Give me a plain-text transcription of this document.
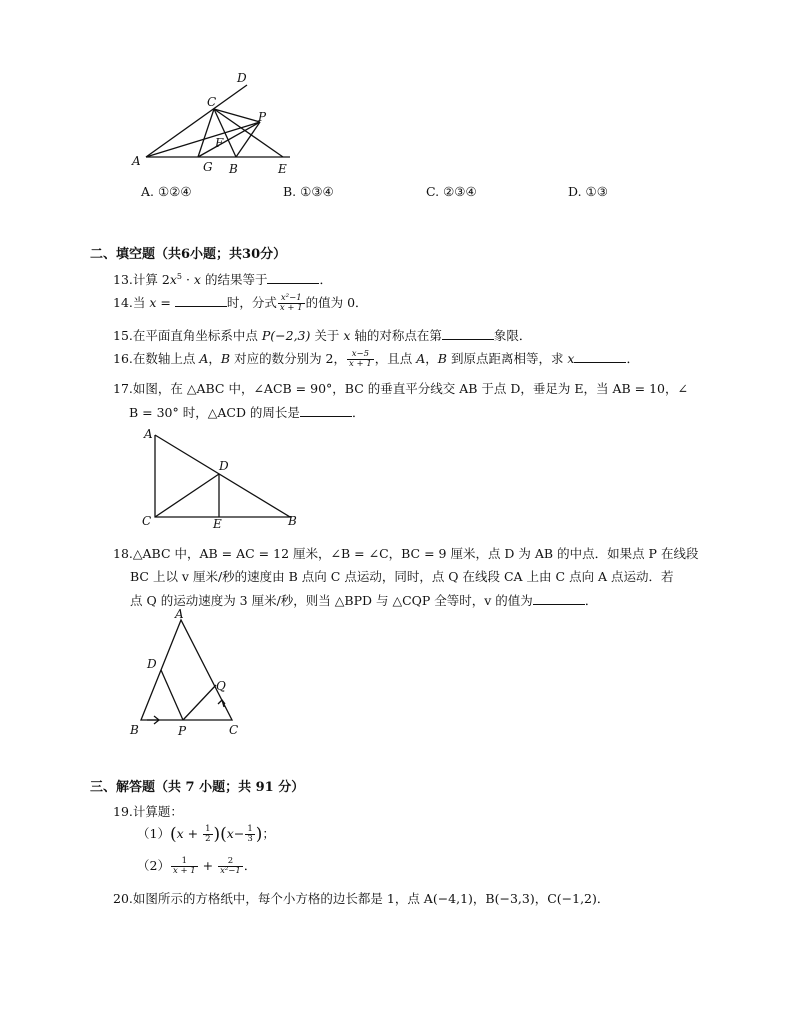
D
C
P
F
A	G B	E
A. ①②④	B. ①③④	C. ②③④	D. ①③
二、填空题（共6小题；共30分）
13.计算 $2x^5 \cdot x$ 的结果等于	．
14.当 x =	时，分式 $\frac{\text{x²−1}}{x + 1}$ 的值为 0．
15.在平面直角坐标系中点 P(−2,3) 关于 x 轴的对称点在第	象限．
16.在数轴上点 A，B 对应的数分别为 2， $\frac{x-5}{x + 1}$ ，且点 A，B 到原点距离相等，求 x	．
17.如图，在 △ABC 中，∠ACB = 90°，BC 的垂直平分线交 AB 于点 D，垂足为 E，当 AB = 10，∠
B = 30° 时，△ACD 的周长是	．
A
D
C	E	B
18.△ABC 中，AB = AC = 12 厘米，∠B = ∠C，BC = 9 厘米，点 D 为 AB 的中点．如果点 P 在线段
BC 上以 v 厘米/秒的速度由 B 点向 C 点运动，同时，点 Q 在线段 CA 上由 C 点向 A 点运动．若
点 Q 的运动速度为 3 厘米/秒，则当 △BPD 与 △CQP 全等时，v 的值为	．
A
D
Q
B	P	C
三、解答题（共 7 小题；共 91 分）
19.计算题：
$(1)(x + \frac{1}{2} )(x- \frac{1}{3}$ )；
$(2) \frac{1}{x + 1} + \frac{2}{\text{x²−1}}$ ．
20.如图所示的方格纸中，每个小方格的边长都是 1，点 A(−4,1)，B(−3,3)，C(−1,2)．
